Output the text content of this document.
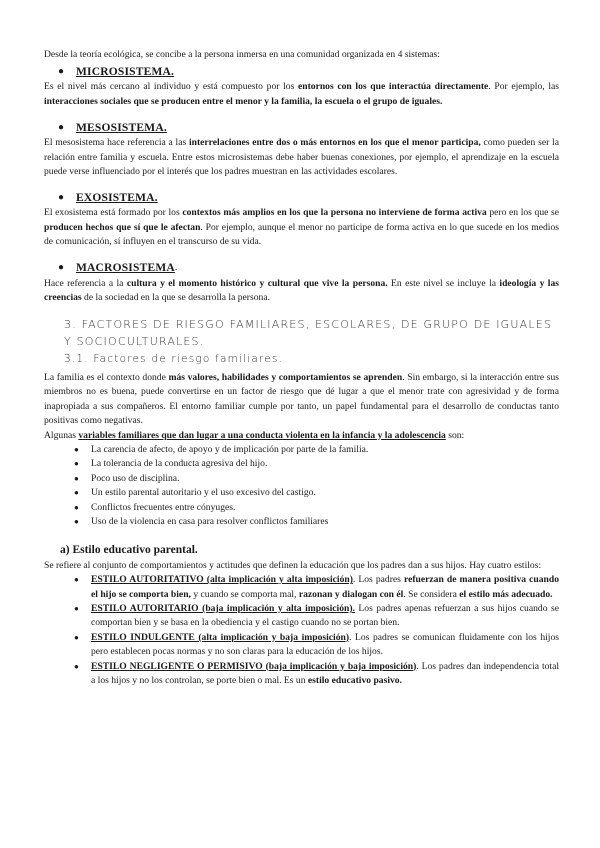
Desde la teoría ecológica, se concibe a la persona inmersa en una comunidad organizada en 4 sistemas:

●	MICROSISTEMA.

Es el nivel más cercano al individuo y está compuesto por los entornos con los que interactúa directamente. Por ejemplo, las interacciones sociales que se producen entre el menor y la familia, la escuela o el grupo de iguales.

●	MESOSISTEMA.

El mesosistema hace referencia a las interrelaciones entre dos o más entornos en los que el menor participa, como pueden ser la relación entre familia y escuela. Entre estos microsistemas debe haber buenas conexiones, por ejemplo, el aprendizaje en la escuela puede verse influenciado por el interés que los padres muestran en las actividades escolares.

●	EXOSISTEMA.

El exosistema está formado por los contextos más amplios en los que la persona no interviene de forma activa pero en los que se producen hechos que sí que le afectan. Por ejemplo, aunque el menor no participe de forma activa en lo que sucede en los medios de comunicación, sí influyen en el transcurso de su vida.

●	MACROSISTEMA .

Hace referencia a la cultura y el momento histórico y cultural que vive la persona. En este nivel se incluye la ideología y las creencias de la sociedad en la que se desarrolla la persona.

3. FACTORES DE RIESGO FAMILIARES, ESCOLARES, DE GRUPO DE IGUALES Y SOCIOCULTURALES.
3.1. Factores de riesgo familiares.

La familia es el contexto donde más valores, habilidades y comportamientos se aprenden. Sin embargo, si la interacción entre sus miembros no es buena, puede convertirse en un factor de riesgo que dé lugar a que el menor trate con agresividad y de forma inapropiada a sus compañeros. El entorno familiar cumple por tanto, un papel fundamental para el desarrollo de conductas tanto positivas como negativas.

Algunas variables familiares que dan lugar a una conducta violenta en la infancia y la adolescencia son:

● La carencia de afecto, de apoyo y de implicación por parte de la familia.
● La tolerancia de la conducta agresiva del hijo.
● Poco uso de disciplina.
● Un estilo parental autoritario y el uso excesivo del castigo.
● Conflictos frecuentes entre cónyuges.
● Uso de la violencia en casa para resolver conflictos familiares
a) Estilo educativo parental.

Se refiere al conjunto de comportamientos y actitudes que definen la educación que los padres dan a sus hijos. Hay cuatro estilos:

● ESTILO AUTORITATIVO (alta implicación y alta imposición). Los padres refuerzan de manera positiva cuando el hijo se comporta bien, y cuando se comporta mal, razonan y dialogan con él. Se considera el estilo más adecuado.
● ESTILO AUTORITARIO (baja implicación y alta imposición). Los padres apenas refuerzan a sus hijos cuando se comportan bien y se basa en la obediencia y el castigo cuando no se portan bien.
● ESTILO INDULGENTE (alta implicación y baja imposición). Los padres se comunican fluidamente con los hijos pero establecen pocas normas y no son claras para la educación de los hijos.
● ESTILO NEGLIGENTE O PERMISIVO (baja implicación y baja imposición). Los padres dan independencia total a los hijos y no los controlan, se porte bien o mal. Es un estilo educativo pasivo.
